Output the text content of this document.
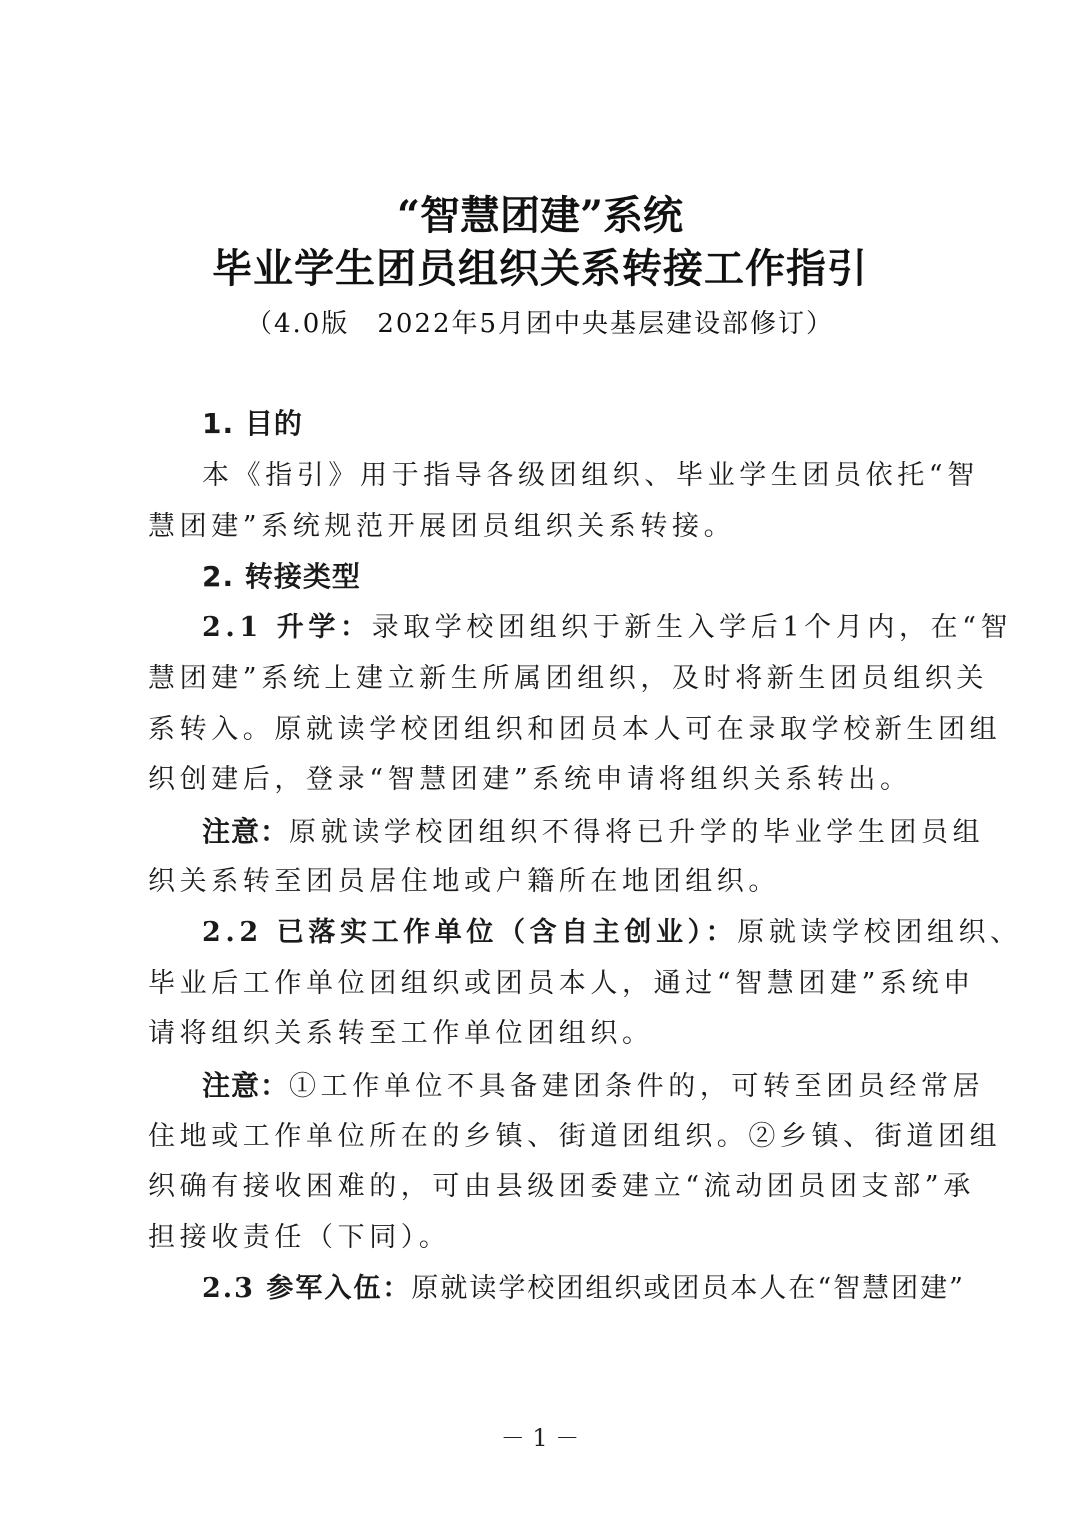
“智慧团建”系统
毕业学生团员组织关系转接工作指引
（4.0版　2022年5月团中央基层建设部修订）
1. 目的
本《指引》用于指导各级团组织、毕业学生团员依托“智
慧团建”系统规范开展团员组织关系转接。
2. 转接类型
2.1 升学：录取学校团组织于新生入学后1个月内，在“智
慧团建”系统上建立新生所属团组织，及时将新生团员组织关
系转入。原就读学校团组织和团员本人可在录取学校新生团组
织创建后，登录“智慧团建”系统申请将组织关系转出。
注意：原就读学校团组织不得将已升学的毕业学生团员组
织关系转至团员居住地或户籍所在地团组织。
2.2 已落实工作单位（含自主创业）：原就读学校团组织、
毕业后工作单位团组织或团员本人，通过“智慧团建”系统申
请将组织关系转至工作单位团组织。
注意：①工作单位不具备建团条件的，可转至团员经常居
住地或工作单位所在的乡镇、街道团组织。②乡镇、街道团组
织确有接收困难的，可由县级团委建立“流动团员团支部”承
担接收责任（下同）。
2.3 参军入伍：原就读学校团组织或团员本人在“智慧团建”
－ 1 －
